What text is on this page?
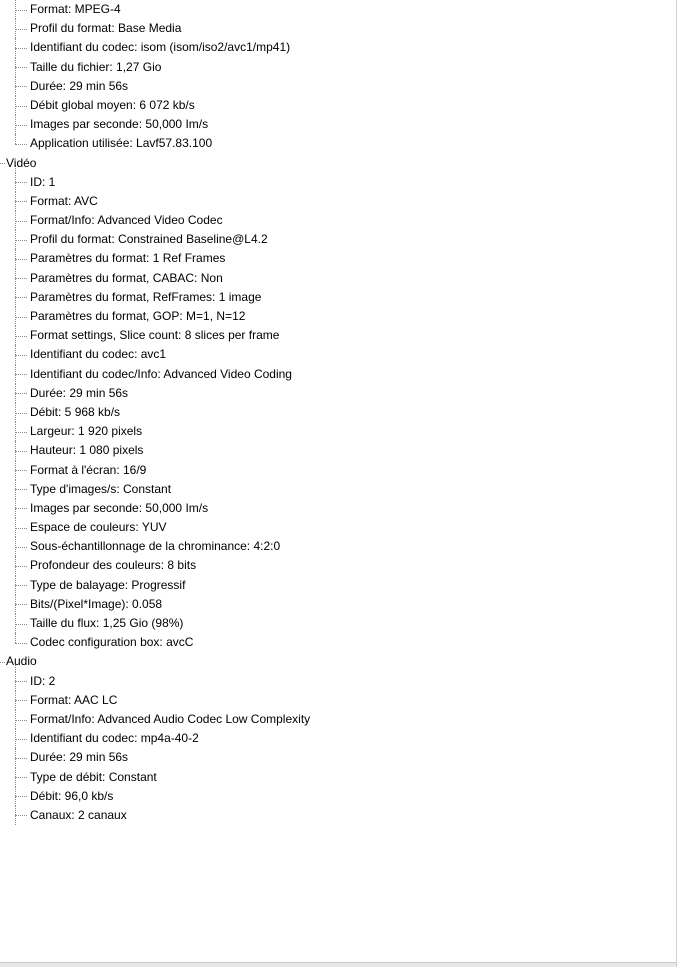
Format: MPEG-4
Profil du format: Base Media
Identifiant du codec: isom (isom/iso2/avc1/mp41)
Taille du fichier: 1,27 Gio
Durée: 29 min 56s
Débit global moyen: 6 072 kb/s
Images par seconde: 50,000 Im/s
Application utilisée: Lavf57.83.100
Vidéo
ID: 1
Format: AVC
Format/Info: Advanced Video Codec
Profil du format: Constrained Baseline@L4.2
Paramètres du format: 1 Ref Frames
Paramètres du format, CABAC: Non
Paramètres du format, RefFrames: 1 image
Paramètres du format, GOP: M=1, N=12
Format settings, Slice count: 8 slices per frame
Identifiant du codec: avc1
Identifiant du codec/Info: Advanced Video Coding
Durée: 29 min 56s
Débit: 5 968 kb/s
Largeur: 1 920 pixels
Hauteur: 1 080 pixels
Format à l'écran: 16/9
Type d'images/s: Constant
Images par seconde: 50,000 Im/s
Espace de couleurs: YUV
Sous-échantillonnage de la chrominance: 4:2:0
Profondeur des couleurs: 8 bits
Type de balayage: Progressif
Bits/(Pixel*Image): 0.058
Taille du flux: 1,25 Gio (98%)
Codec configuration box: avcC
Audio
ID: 2
Format: AAC LC
Format/Info: Advanced Audio Codec Low Complexity
Identifiant du codec: mp4a-40-2
Durée: 29 min 56s
Type de débit: Constant
Débit: 96,0 kb/s
Canaux: 2 canaux
